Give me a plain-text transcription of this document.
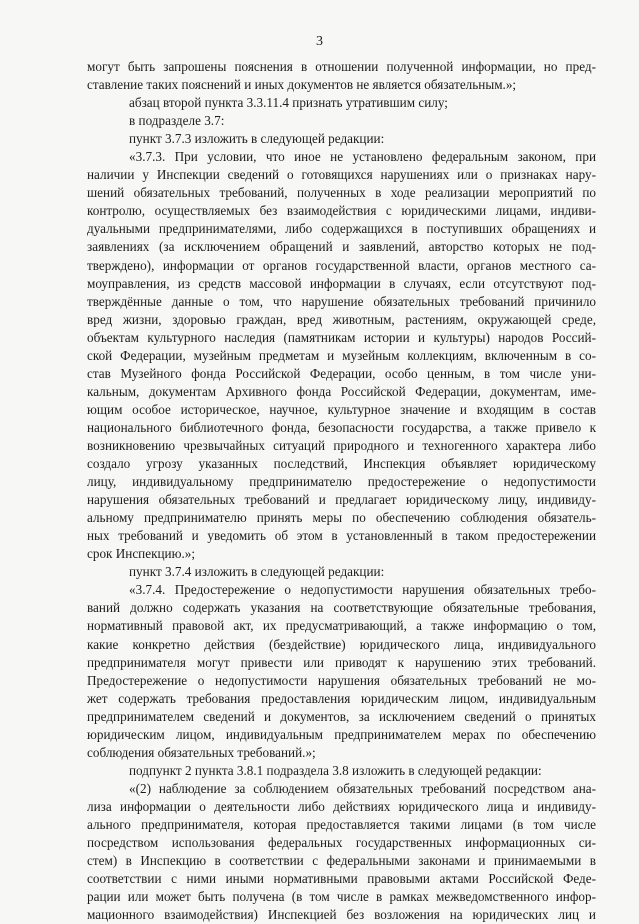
3
могут быть запрошены пояснения в отношении полученной информации, но пред-
ставление таких пояснений и иных документов не является обязательным.»;
абзац второй пункта 3.3.11.4 признать утратившим силу;
в подразделе 3.7:
пункт 3.7.3 изложить в следующей редакции:
«3.7.3. При условии, что иное не установлено федеральным законом, при
наличии у Инспекции сведений о готовящихся нарушениях или о признаках нару-
шений обязательных требований, полученных в ходе реализации мероприятий по
контролю, осуществляемых без взаимодействия с юридическими лицами, индиви-
дуальными предпринимателями, либо содержащихся в поступивших обращениях и
заявлениях (за исключением обращений и заявлений, авторство которых не под-
тверждено), информации от органов государственной власти, органов местного са-
моуправления, из средств массовой информации в случаях, если отсутствуют под-
тверждённые данные о том, что нарушение обязательных требований причинило
вред жизни, здоровью граждан, вред животным, растениям, окружающей среде,
объектам культурного наследия (памятникам истории и культуры) народов Россий-
ской Федерации, музейным предметам и музейным коллекциям, включенным в со-
став Музейного фонда Российской Федерации, особо ценным, в том числе уни-
кальным, документам Архивного фонда Российской Федерации, документам, име-
ющим особое историческое, научное, культурное значение и входящим в состав
национального библиотечного фонда, безопасности государства, а также привело к
возникновению чрезвычайных ситуаций природного и техногенного характера либо
создало угрозу указанных последствий, Инспекция объявляет юридическому
лицу, индивидуальному предпринимателю предостережение о недопустимости
нарушения обязательных требований и предлагает юридическому лицу, индивиду-
альному предпринимателю принять меры по обеспечению соблюдения обязатель-
ных требований и уведомить об этом в установленный в таком предостережении
срок Инспекцию.»;
пункт 3.7.4 изложить в следующей редакции:
«3.7.4. Предостережение о недопустимости нарушения обязательных требо-
ваний должно содержать указания на соответствующие обязательные требования,
нормативный правовой акт, их предусматривающий, а также информацию о том,
какие конкретно действия (бездействие) юридического лица, индивидуального
предпринимателя могут привести или приводят к нарушению этих требований.
Предостережение о недопустимости нарушения обязательных требований не мо-
жет содержать требования предоставления юридическим лицом, индивидуальным
предпринимателем сведений и документов, за исключением сведений о принятых
юридическим лицом, индивидуальным предпринимателем мерах по обеспечению
соблюдения обязательных требований.»;
подпункт 2 пункта 3.8.1 подраздела 3.8 изложить в следующей редакции:
«(2) наблюдение за соблюдением обязательных требований посредством ана-
лиза информации о деятельности либо действиях юридического лица и индивиду-
ального предпринимателя, которая предоставляется такими лицами (в том числе
посредством использования федеральных государственных информационных си-
стем) в Инспекцию в соответствии с федеральными законами и принимаемыми в
соответствии с ними иными нормативными правовыми актами Российской Феде-
рации или может быть получена (в том числе в рамках межведомственного инфор-
мационного взаимодействия) Инспекцией без возложения на юридических лиц и
